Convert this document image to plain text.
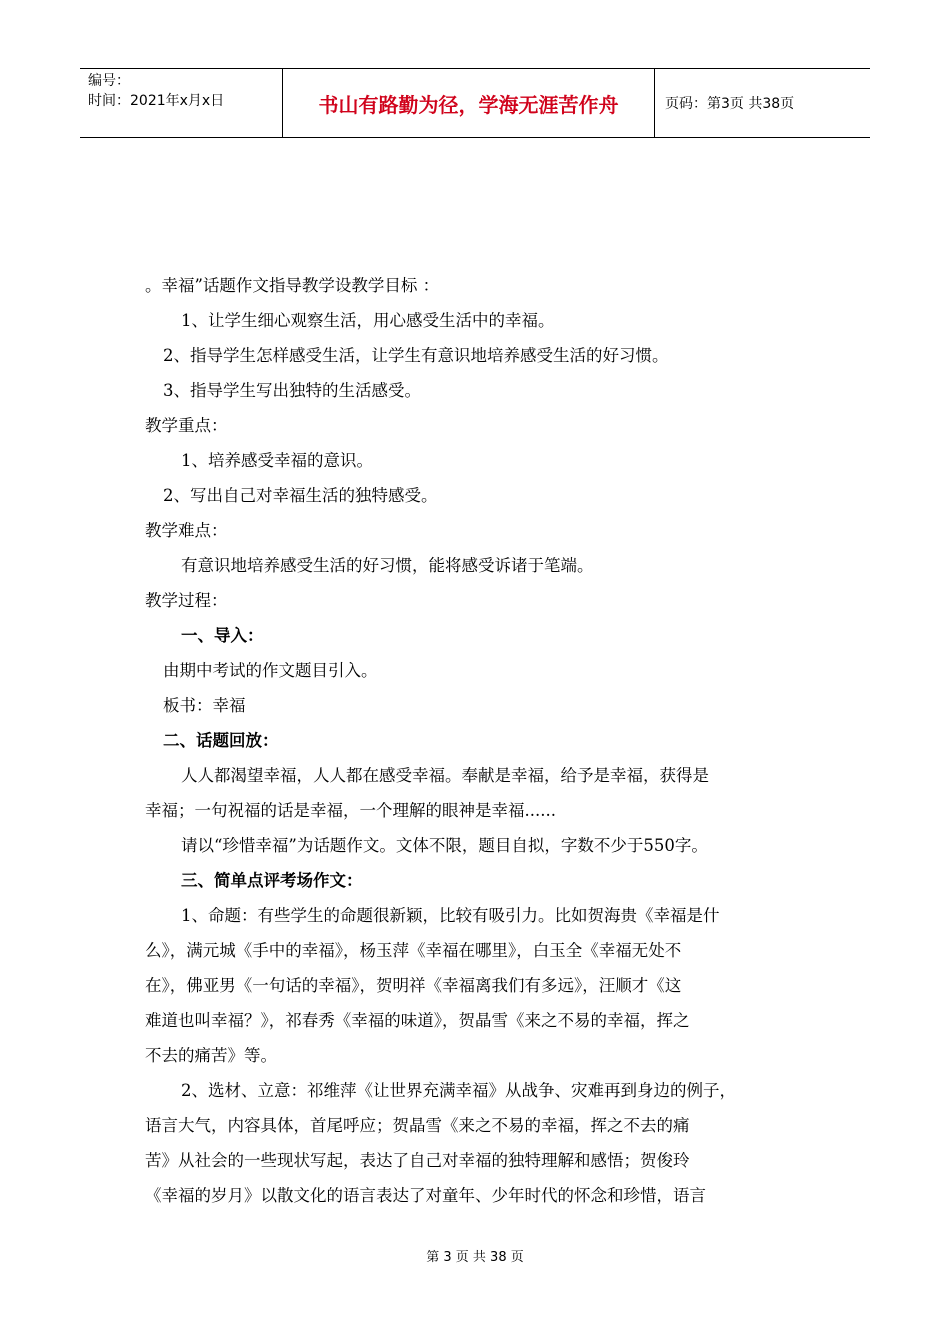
编号：
时间：2021年x月x日	书山有路勤为径，学海无涯苦作舟	页码：第3页 共38页
。幸福”话题作文指导教学设教学目标 ：
1、让学生细心观察生活，用心感受生活中的幸福。
2、指导学生怎样感受生活，让学生有意识地培养感受生活的好习惯。
3、指导学生写出独特的生活感受。
教学重点：
1、培养感受幸福的意识。
2、写出自己对幸福生活的独特感受。
教学难点：
有意识地培养感受生活的好习惯，能将感受诉诸于笔端。
教学过程：
一、导入：
由期中考试的作文题目引入。
板书：幸福
二、话题回放：
人人都渴望幸福，人人都在感受幸福。奉献是幸福，给予是幸福，获得是
幸福；一句祝福的话是幸福，一个理解的眼神是幸福......
请以“珍惜幸福”为话题作文。文体不限，题目自拟，字数不少于550字。
三、简单点评考场作文：
1、命题：有些学生的命题很新颖，比较有吸引力。比如贺海贵《幸福是什
么》，满元城《手中的幸福》，杨玉萍《幸福在哪里》，白玉全《幸福无处不
在》，佛亚男《一句话的幸福》，贺明祥《幸福离我们有多远》，汪顺才《这
难道也叫幸福？》，祁春秀《幸福的味道》，贺晶雪《来之不易的幸福，挥之
不去的痛苦》等。
2、选材、立意：祁维萍《让世界充满幸福》从战争、灾难再到身边的例子，
语言大气，内容具体，首尾呼应；贺晶雪《来之不易的幸福，挥之不去的痛
苦》从社会的一些现状写起，表达了自己对幸福的独特理解和感悟；贺俊玲
《幸福的岁月》以散文化的语言表达了对童年、少年时代的怀念和珍惜，语言
第 3 页 共 38 页
